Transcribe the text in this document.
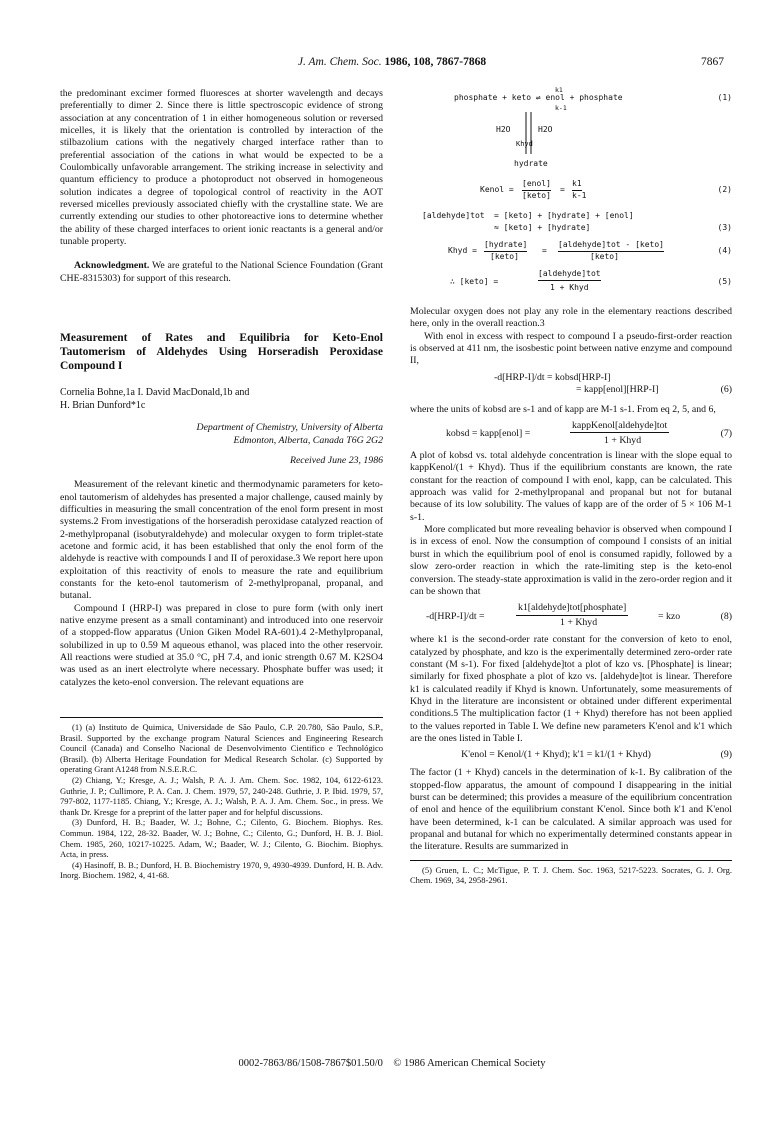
J. Am. Chem. Soc. 1986, 108, 7867-7868	7867

the predominant excimer formed fluoresces at shorter wavelength and decays preferentially to dimer 2. Since there is little spectroscopic evidence of strong association at any concentration of 1 in either homogeneous solution or reversed micelles, it is likely that the orientation is controlled by interaction of the stilbazolium cations with the negatively charged interface rather than to preferential association of the cations in what would be expected to be a Coulombically unfavorable arrangement. The striking increase in selectivity and quantum efficiency to produce a photoproduct not observed in homogeneous solution indicates a degree of topological control of reactivity in the AOT reversed micelles previously associated chiefly with the crystalline state. We are currently extending our studies to other photoreactive ions to determine whether the ability of these charged interfaces to orient ionic reactants is a general and/or tunable property.

Acknowledgment. We are grateful to the National Science Foundation (Grant CHE-8315303) for support of this research.

Measurement of Rates and Equilibria for Keto-Enol Tautomerism of Aldehydes Using Horseradish Peroxidase Compound I

Cornelia Bohne,1a I. David MacDonald,1b and
H. Brian Dunford*1c

Department of Chemistry, University of Alberta
Edmonton, Alberta, Canada T6G 2G2

Received June 23, 1986

Measurement of the relevant kinetic and thermodynamic parameters for keto-enol tautomerism of aldehydes has presented a major challenge, caused mainly by difficulties in measuring the small concentration of the enol form present in most systems.2 From investigations of the horseradish peroxidase catalyzed reaction of 2-methylpropanal (isobutyraldehyde) and molecular oxygen to form triplet-state acetone and formic acid, it has been established that only the enol form of the aldehyde is reactive with compounds I and II of peroxidase.3 We report here upon exploitation of this reactivity of enols to measure the rate and equilibrium constants for the keto-enol tautomerism of 2-methylpropanal, propanal, and butanal.

Compound I (HRP-I) was prepared in close to pure form (with only inert native enzyme present as a small contaminant) and introduced into one reservoir of a stopped-flow apparatus (Union Giken Model RA-601).4 2-Methylpropanal, solubilized in up to 0.59 M aqueous ethanol, was placed into the other reservoir. All reactions were studied at 35.0 °C, pH 7.4, and ionic strength 0.67 M. K2SO4 was used as an inert electrolyte where necessary. Phosphate buffer was used; it catalyzes the keto-enol conversion. The relevant equations are

(1) (a) Instituto de Quimica, Universidade de São Paulo, C.P. 20.780, São Paulo, S.P., Brasil. Supported by the exchange program Natural Sciences and Engineering Research Council (Canada) and Conselho Nacional de Desenvolvimento Cientifico e Technológico (Brasil). (b) Alberta Heritage Foundation for Medical Research Scholar. (c) Supported by operating Grant A1248 from N.S.E.R.C.

(2) Chiang, Y.; Kresge, A. J.; Walsh, P. A. J. Am. Chem. Soc. 1982, 104, 6122-6123. Guthrie, J. P.; Cullimore, P. A. Can. J. Chem. 1979, 57, 240-248. Guthrie, J. P. Ibid. 1979, 57, 797-802, 1177-1185. Chiang, Y.; Kresge, A. J.; Walsh, P. A. J. Am. Chem. Soc., in press. We thank Dr. Kresge for a preprint of the latter paper and for helpful discussions.

(3) Dunford, H. B.; Baader, W. J.; Bohne, C.; Cilento, G. Biochem. Biophys. Res. Commun. 1984, 122, 28-32. Baader, W. J.; Bohne, C.; Cilento, G.; Dunford, H. B. J. Biol. Chem. 1985, 260, 10217-10225. Adam, W.; Baader, W. J.; Cilento, G. Biochim. Biophys. Acta, in press.

(4) Hasinoff, B. B.; Dunford, H. B. Biochemistry 1970, 9, 4930-4939. Dunford, H. B. Adv. Inorg. Biochem. 1982, 4, 41-68.

phosphate + keto ⇌ enol + phosphate
k1
k-1
(1)
H2O	H2O
Khyd
hydrate
Kenol =
[enol]
[keto]
=
k1
k-1
(2)
[aldehyde]tot = [keto] + [hydrate] + [enol]
≈ [keto] + [hydrate]	(3)
Khyd =
[hydrate]
[keto]
=
[aldehyde]tot - [keto]
[keto]
(4)
∴ [keto] =
[aldehyde]tot
1 + Khyd
(5)

Molecular oxygen does not play any role in the elementary reactions described here, only in the overall reaction.3

With enol in excess with respect to compound I a pseudo-first-order reaction is observed at 411 nm, the isosbestic point between native enzyme and compound II,

-d[HRP-I]/dt = kobsd[HRP-I]
= kapp[enol][HRP-I]	(6)

where the units of kobsd are s-1 and of kapp are M-1 s-1. From eq 2, 5, and 6,

kobsd = kapp[enol] =
kappKenol[aldehyde]tot
1 + Khyd
(7)

A plot of kobsd vs. total aldehyde concentration is linear with the slope equal to kappKenol/(1 + Khyd). Thus if the equilibrium constants are known, the rate constant for the reaction of compound I with enol, kapp, can be calculated. This approach was valid for 2-methylpropanal and propanal but not for butanal because of its low solubility. The values of kapp are of the order of 5 × 106 M-1 s-1.

More complicated but more revealing behavior is observed when compound I is in excess of enol. Now the consumption of compound I consists of an initial burst in which the equilibrium pool of enol is consumed rapidly, followed by a slow zero-order reaction in which the rate-limiting step is the keto-enol conversion. The steady-state approximation is valid in the zero-order region and it can be shown that

-d[HRP-I]/dt =
k1[aldehyde]tot[phosphate]
1 + Khyd
= kzo	(8)

where k1 is the second-order rate constant for the conversion of keto to enol, catalyzed by phosphate, and kzo is the experimentally determined zero-order rate constant (M s-1). For fixed [aldehyde]tot a plot of kzo vs. [Phosphate] is linear; similarly for fixed phosphate a plot of kzo vs. [aldehyde]tot is linear. Therefore k1 is calculated readily if Khyd is known. Unfortunately, some measurements of Khyd in the literature are inconsistent or obtained under different experimental conditions.5 The multiplication factor (1 + Khyd) therefore has not been applied to the values reported in Table I. We define new parameters K'enol and k'1 which are the ones listed in Table I.

K'enol = Kenol/(1 + Khyd); k'1 = k1/(1 + Khyd)	(9)

The factor (1 + Khyd) cancels in the determination of k-1. By calibration of the stopped-flow apparatus, the amount of compound I disappearing in the initial burst can be determined; this provides a measure of the equilibrium concentration of enol and hence of the equilibrium constant K'enol. Since both k'1 and K'enol have been determined, k-1 can be calculated. A similar approach was used for propanal and butanal for which no experimentally determined constants appear in the literature. Results are summarized in

(5) Gruen, L. C.; McTigue, P. T. J. Chem. Soc. 1963, 5217-5223. Socrates, G. J. Org. Chem. 1969, 34, 2958-2961.

0002-7863/86/1508-7867$01.50/0 © 1986 American Chemical Society
